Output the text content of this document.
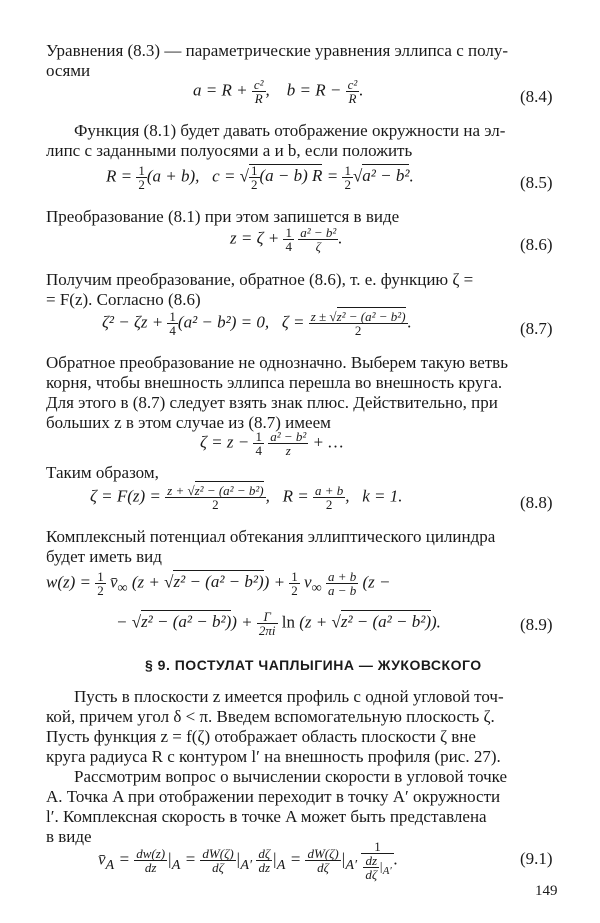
Уравнения (8.3) — параметрические уравнения эллипса с полу-
осями
$a = R + \frac{\text{c²}}{R}$ ,    $b = R - \frac{\text{c²}}{R}$ .	(8.4)
Функция (8.1) будет давать отображение окружности на эл-
липс с заданными полуосями a и b, если положить
$R = \frac{1}{2} (a + b)$,   c = √ $\frac{1}{2} (a - b) R = \frac{1}{2} √a^2 - b^2$.	(8.5)
Преобразование (8.1) при этом запишется в виде
$z = \zeta + \frac{1}{4}$
$\frac{\text{a² − b²}}{\zeta}$ .	(8.6)
Получим преобразование, обратное (8.6), т. е. функцию ζ =
= F(z). Согласно (8.6)
$\zeta^2 - \zeta z + \frac{1}{4} (a^2 - b^2) = 0$,   $\zeta = \frac{\text{z ± √z² − (a² − b²)}}{2}$ .	(8.7)
Обратное преобразование не однозначно. Выберем такую ветвь
корня, чтобы внешность эллипса перешла во внешность круга.
Для этого в (8.7) следует взять знак плюс. Действительно, при
больших z в этом случае из (8.7) имеем
$\zeta = z - \frac{1}{4}$
$\frac{\text{a² − b²}}{z}$ + …
Таким образом,
$\zeta = F(z) = \frac{\text{z + √z² − (a² − b²)}}{2}$ ,   $R = \frac{a + b}{2}$ ,   k = 1.	(8.8)
Комплексный потенциал обтекания эллиптического цилиндра
будет иметь вид
$w(z) = \frac{1}{2}$ $v̄_\infty$ $(z + √z^2 - (a^2 - b^2)) + \frac{1}{2} v_\infty \frac{a + b}{a - b} (z$ −
− $√z^2 - (a^2 - b^2)) + \frac{\Gamma}{2\pi i}$ ln (z + √z² − (a² − b²)).	(8.9)
§ 9. ПОСТУЛАТ ЧАПЛЫГИНА — ЖУКОВСКОГО
Пусть в плоскости z имеется профиль с одной угловой точ-
кой, причем угол δ < π. Введем вспомогательную плоскость ζ.
Пусть функция z = f(ζ) отображает область плоскости ζ вне
круга радиуса R с контуром l′ на внешность профиля (рис. 27).
Рассмотрим вопрос о вычислении скорости в угловой точке
A. Точка A при отображении переходит в точку A′ окружности
l′. Комплексная скорость в точке A может быть представлена
в виде
$v̄_A = \frac{dw(z)}{dz} |_A = \frac{dW(\zeta)}{d\zeta} |_{A'} \frac{d\zeta}{dz} |_A = \frac{dW(\zeta)}{d\zeta} |_{A'}$
1
$\frac{dz}{d\zeta} |_{A'}$
.	(9.1)
149
